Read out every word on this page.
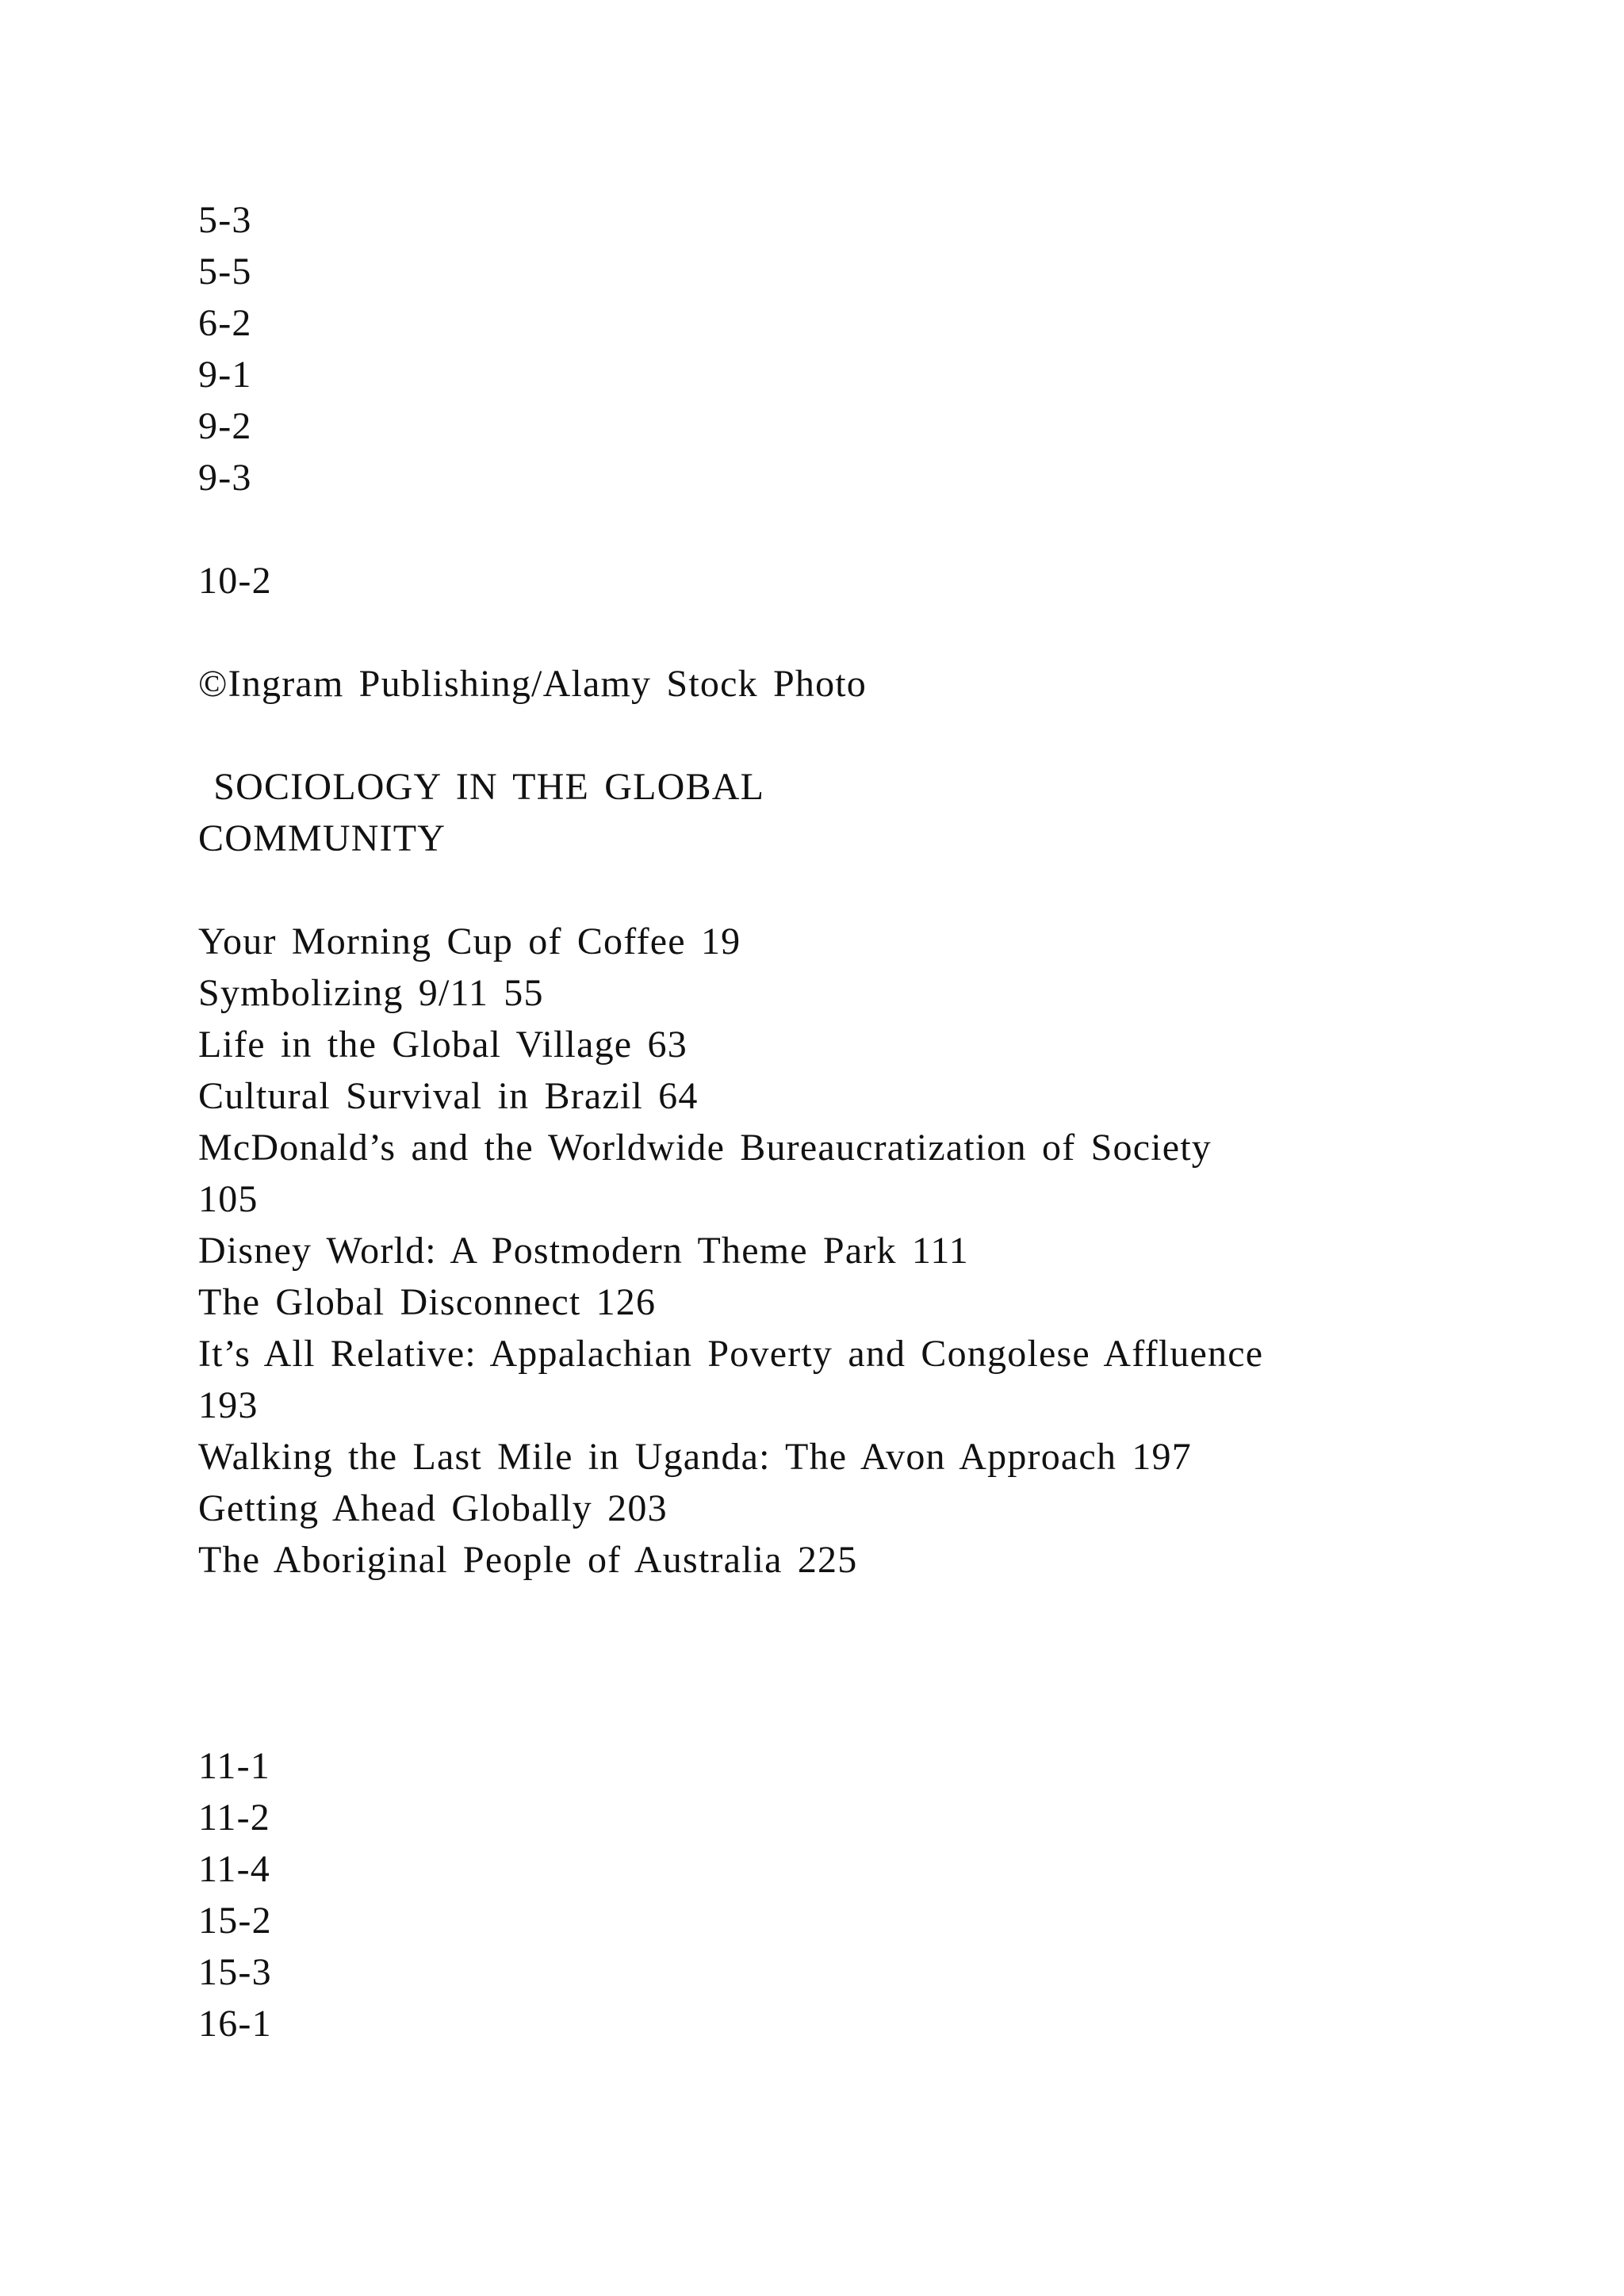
5-3
5-5
6-2
9-1
9-2
9-3
10-2
©Ingram Publishing/Alamy Stock Photo
SOCIOLOGY IN THE GLOBAL
COMMUNITY
Your Morning Cup of Coffee 19
Symbolizing 9/11 55
Life in the Global Village 63
Cultural Survival in Brazil 64
McDonald’s and the Worldwide Bureaucratization of Society
105
Disney World: A Postmodern Theme Park 111
The Global Disconnect 126
It’s All Relative: Appalachian Poverty and Congolese Affluence
193
Walking the Last Mile in Uganda: The Avon Approach 197
Getting Ahead Globally 203
The Aboriginal People of Australia 225
11-1
11-2
11-4
15-2
15-3
16-1
